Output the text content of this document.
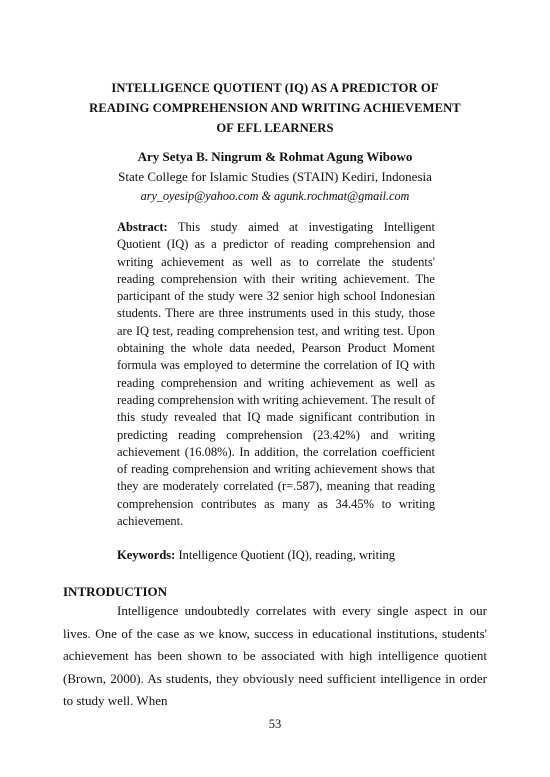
INTELLIGENCE QUOTIENT (IQ) AS A PREDICTOR OF
READING COMPREHENSION AND WRITING ACHIEVEMENT
OF EFL LEARNERS
Ary Setya B. Ningrum & Rohmat Agung Wibowo
State College for Islamic Studies (STAIN) Kediri, Indonesia
ary_oyesip@yahoo.com & agunk.rochmat@gmail.com
Abstract: This study aimed at investigating Intelligent Quotient (IQ) as a predictor of reading comprehension and writing achievement as well as to correlate the students' reading comprehension with their writing achievement. The participant of the study were 32 senior high school Indonesian students. There are three instruments used in this study, those are IQ test, reading comprehension test, and writing test. Upon obtaining the whole data needed, Pearson Product Moment formula was employed to determine the correlation of IQ with reading comprehension and writing achievement as well as reading comprehension with writing achievement. The result of this study revealed that IQ made significant contribution in predicting reading comprehension (23.42%) and writing achievement (16.08%). In addition, the correlation coefficient of reading comprehension and writing achievement shows that they are moderately correlated (r=.587), meaning that reading comprehension contributes as many as 34.45% to writing achievement.
Keywords: Intelligence Quotient (IQ), reading, writing
INTRODUCTION
Intelligence undoubtedly correlates with every single aspect in our lives. One of the case as we know, success in educational institutions, students' achievement has been shown to be associated with high intelligence quotient (Brown, 2000). As students, they obviously need sufficient intelligence in order to study well. When
53
